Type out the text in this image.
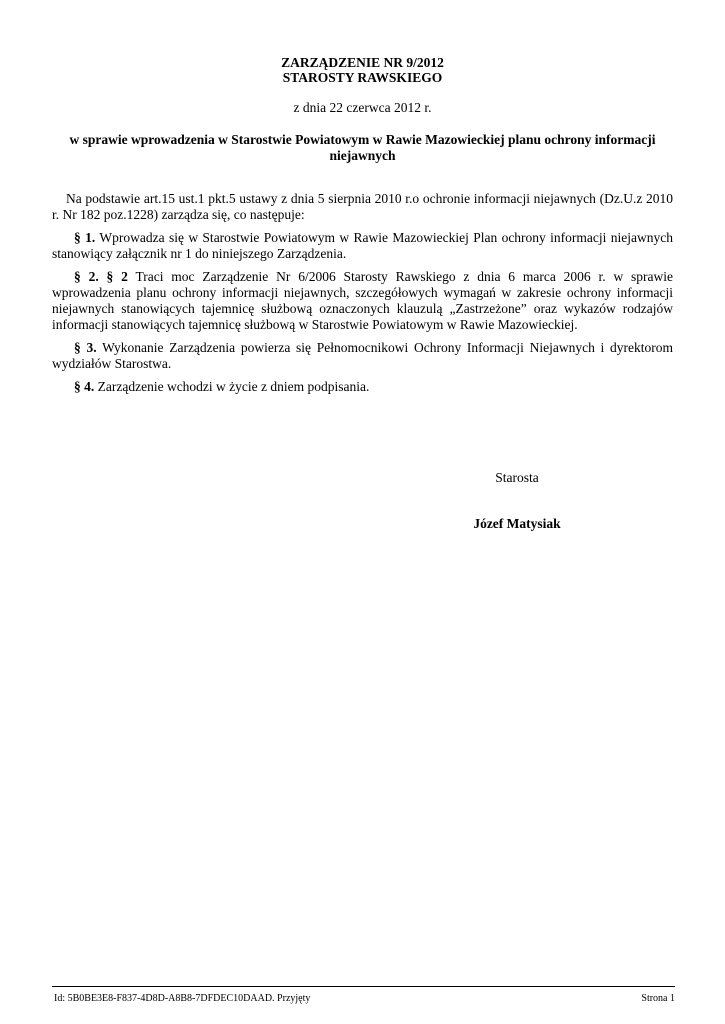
ZARZĄDZENIE NR 9/2012
STAROSTY RAWSKIEGO
z dnia 22 czerwca 2012 r.
w sprawie wprowadzenia w Starostwie Powiatowym w Rawie Mazowieckiej planu ochrony informacji niejawnych

Na podstawie art.15 ust.1 pkt.5 ustawy z dnia 5 sierpnia 2010 r.o ochronie informacji niejawnych (Dz.U.z 2010 r. Nr 182 poz.1228) zarządza się, co następuje:

§ 1. Wprowadza się w Starostwie Powiatowym w Rawie Mazowieckiej Plan ochrony informacji niejawnych stanowiący załącznik nr 1 do niniejszego Zarządzenia.

§ 2. § 2 Traci moc Zarządzenie Nr 6/2006 Starosty Rawskiego z dnia 6 marca 2006 r. w sprawie wprowadzenia planu ochrony informacji niejawnych, szczegółowych wymagań w zakresie ochrony informacji niejawnych stanowiących tajemnicę służbową oznaczonych klauzulą „Zastrzeżone” oraz wykazów rodzajów informacji stanowiących tajemnicę służbową w Starostwie Powiatowym w Rawie Mazowieckiej.

§ 3. Wykonanie Zarządzenia powierza się Pełnomocnikowi Ochrony Informacji Niejawnych i dyrektorom wydziałów Starostwa.

§ 4. Zarządzenie wchodzi w życie z dniem podpisania.

Starosta
Józef Matysiak
Id: 5B0BE3E8-F837-4D8D-A8B8-7DFDEC10DAAD. Przyjęty	Strona 1
